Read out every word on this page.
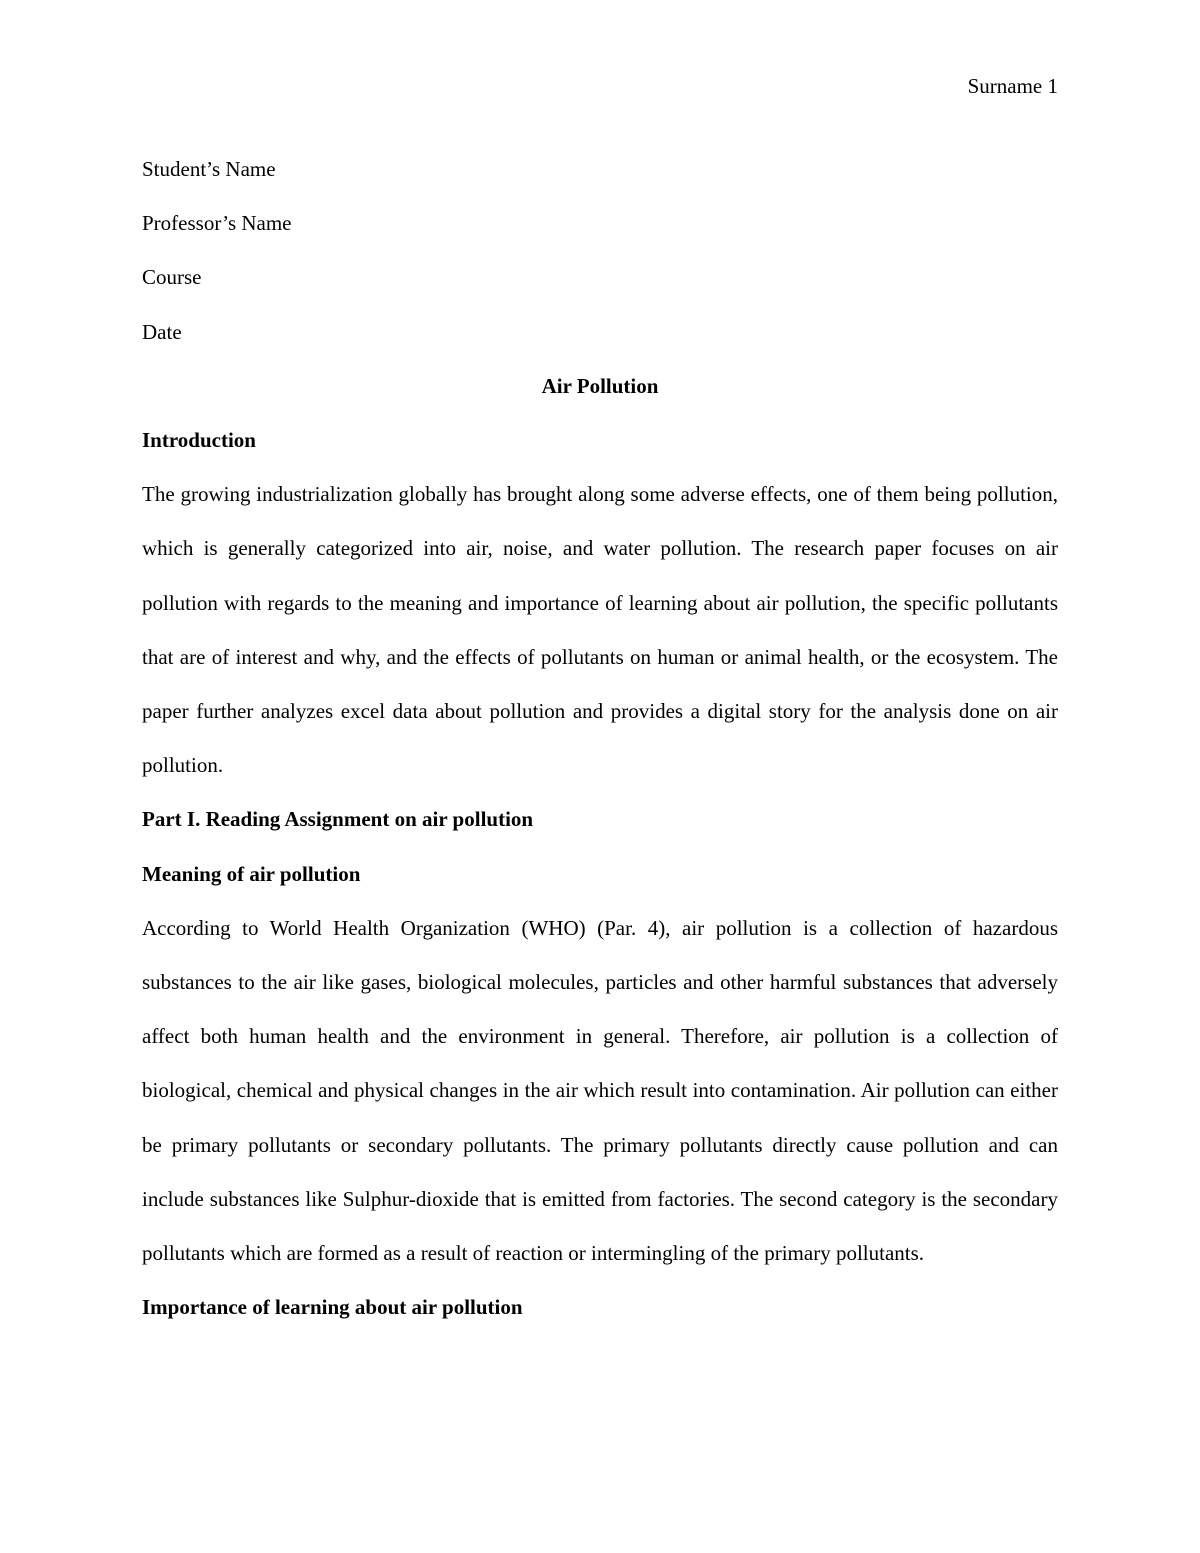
Surname 1

Student’s Name

Professor’s Name

Course

Date

Air Pollution

Introduction

The growing industrialization globally has brought along some adverse effects, one of them being pollution, which is generally categorized into air, noise, and water pollution. The research paper focuses on air pollution with regards to the meaning and importance of learning about air pollution, the specific pollutants that are of interest and why, and the effects of pollutants on human or animal health, or the ecosystem. The paper further analyzes excel data about pollution and provides a digital story for the analysis done on air pollution.

Part I. Reading Assignment on air pollution

Meaning of air pollution

According to World Health Organization (WHO) (Par. 4), air pollution is a collection of hazardous substances to the air like gases, biological molecules, particles and other harmful substances that adversely affect both human health and the environment in general. Therefore, air pollution is a collection of biological, chemical and physical changes in the air which result into contamination. Air pollution can either be primary pollutants or secondary pollutants. The primary pollutants directly cause pollution and can include substances like Sulphur-dioxide that is emitted from factories. The second category is the secondary pollutants which are formed as a result of reaction or intermingling of the primary pollutants.

Importance of learning about air pollution
